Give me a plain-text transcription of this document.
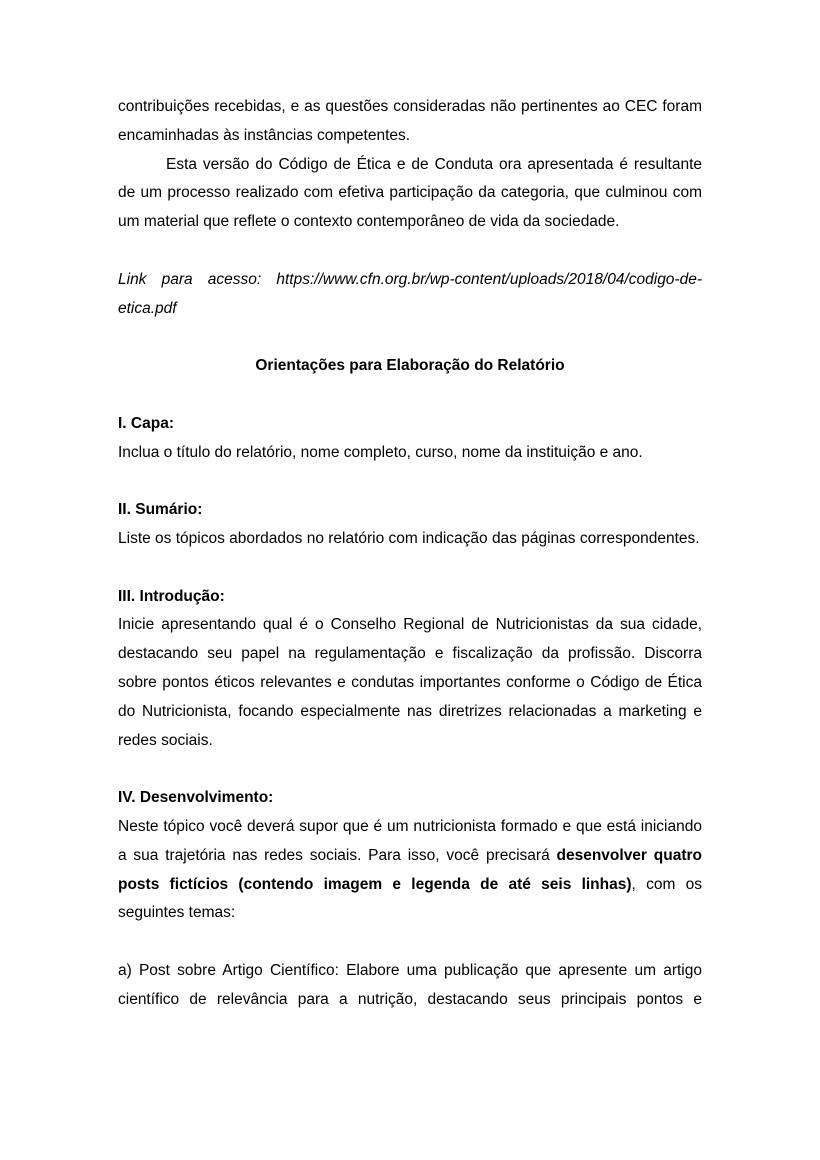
contribuições recebidas, e as questões consideradas não pertinentes ao CEC foram encaminhadas às instâncias competentes.

Esta versão do Código de Ética e de Conduta ora apresentada é resultante de um processo realizado com efetiva participação da categoria, que culminou com um material que reflete o contexto contemporâneo de vida da sociedade.

Link para acesso: https://www.cfn.org.br/wp-content/uploads/2018/04/codigo-de-etica.pdf

Orientações para Elaboração do Relatório

I. Capa:

Inclua o título do relatório, nome completo, curso, nome da instituição e ano.

II. Sumário:

Liste os tópicos abordados no relatório com indicação das páginas correspondentes.

III. Introdução:

Inicie apresentando qual é o Conselho Regional de Nutricionistas da sua cidade, destacando seu papel na regulamentação e fiscalização da profissão. Discorra sobre pontos éticos relevantes e condutas importantes conforme o Código de Ética do Nutricionista, focando especialmente nas diretrizes relacionadas a marketing e redes sociais.

IV. Desenvolvimento:

Neste tópico você deverá supor que é um nutricionista formado e que está iniciando a sua trajetória nas redes sociais. Para isso, você precisará desenvolver quatro posts fictícios (contendo imagem e legenda de até seis linhas), com os seguintes temas:

a) Post sobre Artigo Científico: Elabore uma publicação que apresente um artigo científico de relevância para a nutrição, destacando seus principais pontos e
